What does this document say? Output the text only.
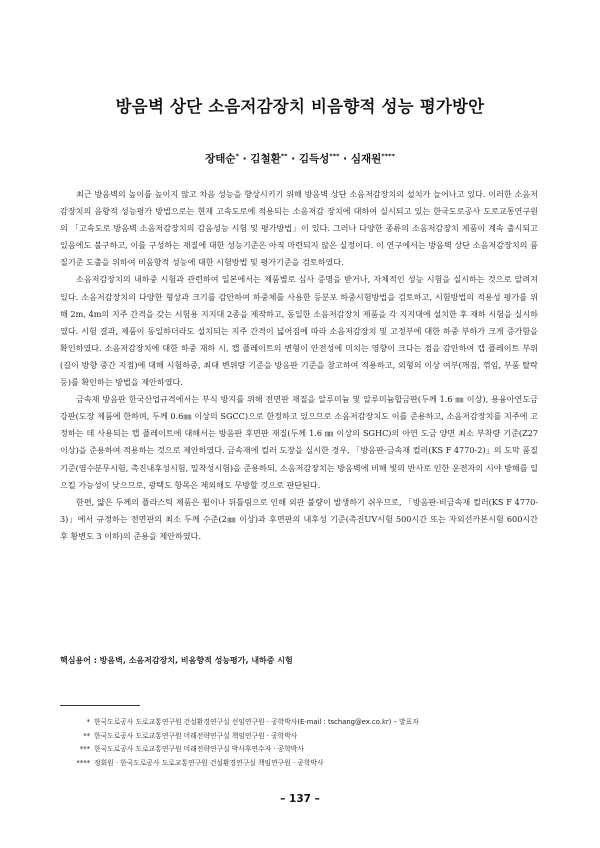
방음벽 상단 소음저감장치 비음향적 성능 평가방안
장태순* · 김철환** · 김득성*** · 심재원****

최근 방음벽의 높이를 높이지 않고 차음 성능을 향상시키기 위해 방음벽 상단 소음저감장치의 설치가 늘어나고 있다. 이러한 소음저감장치의 음향적 성능평가 방법으로는 현재 고속도로에 적용되는 소음저감 장치에 대하여 실시되고 있는 한국도로공사 도로교통연구원의 「고속도로 방음벽 소음저감장치의 감음성능 시험 및 평가방법」이 있다. 그러나 다양한 종류의 소음저감장치 제품이 계속 출시되고 있음에도 불구하고, 이를 구성하는 재질에 대한 성능기준은 아직 마련되지 않은 실정이다. 이 연구에서는 방음벽 상단 소음저감장치의 품질기준 도출을 위하여 비음향적 성능에 대한 시험방법 및 평가기준을 검토하였다.

소음저감장치의 내하중 시험과 관련하여 일본에서는 제품별로 심사 증명을 받거나, 자체적인 성능 시험을 실시하는 것으로 알려져 있다. 소음저감장치의 다양한 형상과 크기를 감안하여 하중체를 사용한 등분포 하중시험방법을 검토하고, 시험방법의 적용성 평가를 위해 2m, 4m의 지주 간격을 갖는 시험용 지지대 2종을 제작하고, 동일한 소음저감장치 제품을 각 지지대에 설치한 후 재하 시험을 실시하였다. 시험 결과, 제품이 동일하더라도 설치되는 지주 간격이 넓어짐에 따라 소음저감장치 및 고정부에 대한 하중 부하가 크게 증가함을 확인하였다. 소음저감장치에 대한 하중 재하 시, 캡 플레이트의 변형이 안전성에 미치는 영향이 크다는 점을 감안하여 캡 플레이트 부위(길이 방향 중간 지점)에 대해 시험하중, 최대 변위량 기준을 방음판 기준을 참고하여 적용하고, 외형의 이상 여부(깨짐, 꺾임, 부품 탈락 등)를 확인하는 방법을 제안하였다.

금속재 방음판 한국산업규격에서는 부식 방지를 위해 전면판 재질을 알루미늄 및 알루미늄합금판(두께 1.6 ㎜ 이상), 용융아연도금강판(도장 제품에 한하며, 두께 0.6㎜ 이상의 SGCC)으로 한정하고 있으므로 소음저감장치도 이를 준용하고, 소음저감장치를 지주에 고정하는 데 사용되는 캡 플레이트에 대해서는 방음판 후면판 재질(두께 1.6 ㎜ 이상의 SGHC)의 아연 도금 양면 최소 부착량 기준(Z27 이상)을 준용하여 적용하는 것으로 제안하였다. 금속재에 컬러 도장을 실시한 경우, 「방음판-금속재 컬러(KS F 4770-2)」의 도막 품질 기준(염수분무시험, 촉진내후성시험, 밀착성시험)을 준용하되, 소음저감장치는 방음벽에 비해 빛의 반사로 인한 운전자의 시야 방해를 일으킬 가능성이 낮으므로, 광택도 항목은 제외해도 무방할 것으로 판단된다.

한편, 얇은 두께의 플라스틱 제품은 휨이나 뒤틀림으로 인해 외관 불량이 발생하기 쉬우므로, 「방음판-비금속재 컬러(KS F 4770-3)」에서 규정하는 전면판의 최소 두께 수준(2㎜ 이상)과 후면판의 내후성 기준(촉진UV시험 500시간 또는 자외선카본시험 600시간 후 황변도 3 이하)의 준용을 제안하였다.

핵심용어 : 방음벽, 소음저감장치, 비음향적 성능평가, 내하중 시험
* 한국도로공사 도로교통연구원 건설환경연구실 선임연구원 · 공학박사(E-mail : tschang@ex.co.kr) – 발표자
** 한국도로공사 도로교통연구원 미래전략연구실 책임연구원 · 공학박사
*** 한국도로공사 도로교통연구원 미래전략연구실 박사후연수자 · 공학박사
**** 정회원 · 한국도로공사 도로교통연구원 건설환경연구실 책임연구원 · 공학박사
– 137 –
